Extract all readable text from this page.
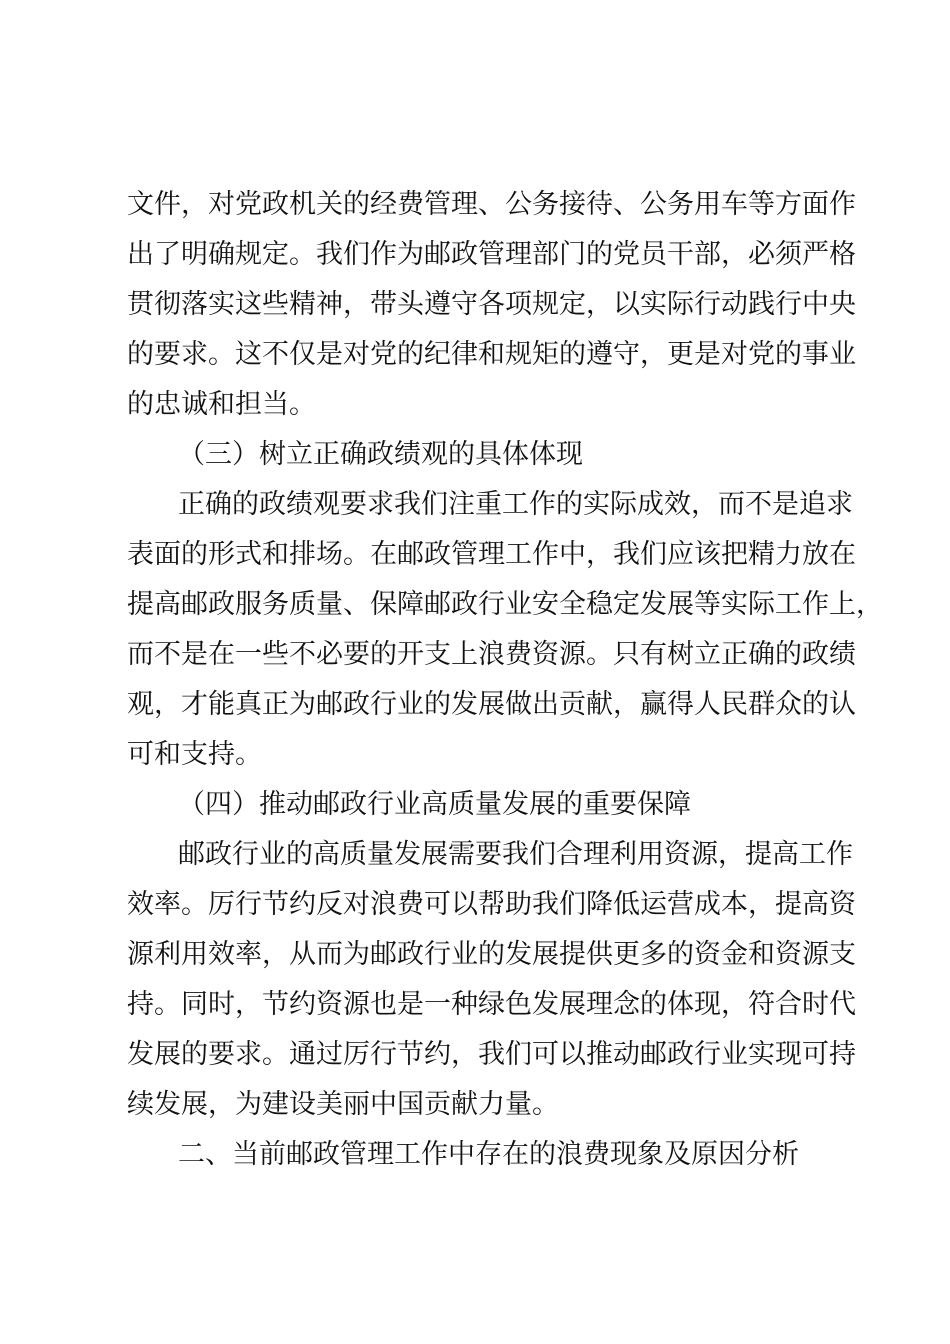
文件，对党政机关的经费管理、公务接待、公务用车等方面作
出了明确规定。我们作为邮政管理部门的党员干部，必须严格
贯彻落实这些精神，带头遵守各项规定，以实际行动践行中央
的要求。这不仅是对党的纪律和规矩的遵守，更是对党的事业
的忠诚和担当。
（三）树立正确政绩观的具体体现
正确的政绩观要求我们注重工作的实际成效，而不是追求
表面的形式和排场。在邮政管理工作中，我们应该把精力放在
提高邮政服务质量、保障邮政行业安全稳定发展等实际工作上，
而不是在一些不必要的开支上浪费资源。只有树立正确的政绩
观，才能真正为邮政行业的发展做出贡献，赢得人民群众的认
可和支持。
（四）推动邮政行业高质量发展的重要保障
邮政行业的高质量发展需要我们合理利用资源，提高工作
效率。厉行节约反对浪费可以帮助我们降低运营成本，提高资
源利用效率，从而为邮政行业的发展提供更多的资金和资源支
持。同时，节约资源也是一种绿色发展理念的体现，符合时代
发展的要求。通过厉行节约，我们可以推动邮政行业实现可持
续发展，为建设美丽中国贡献力量。
二、当前邮政管理工作中存在的浪费现象及原因分析
